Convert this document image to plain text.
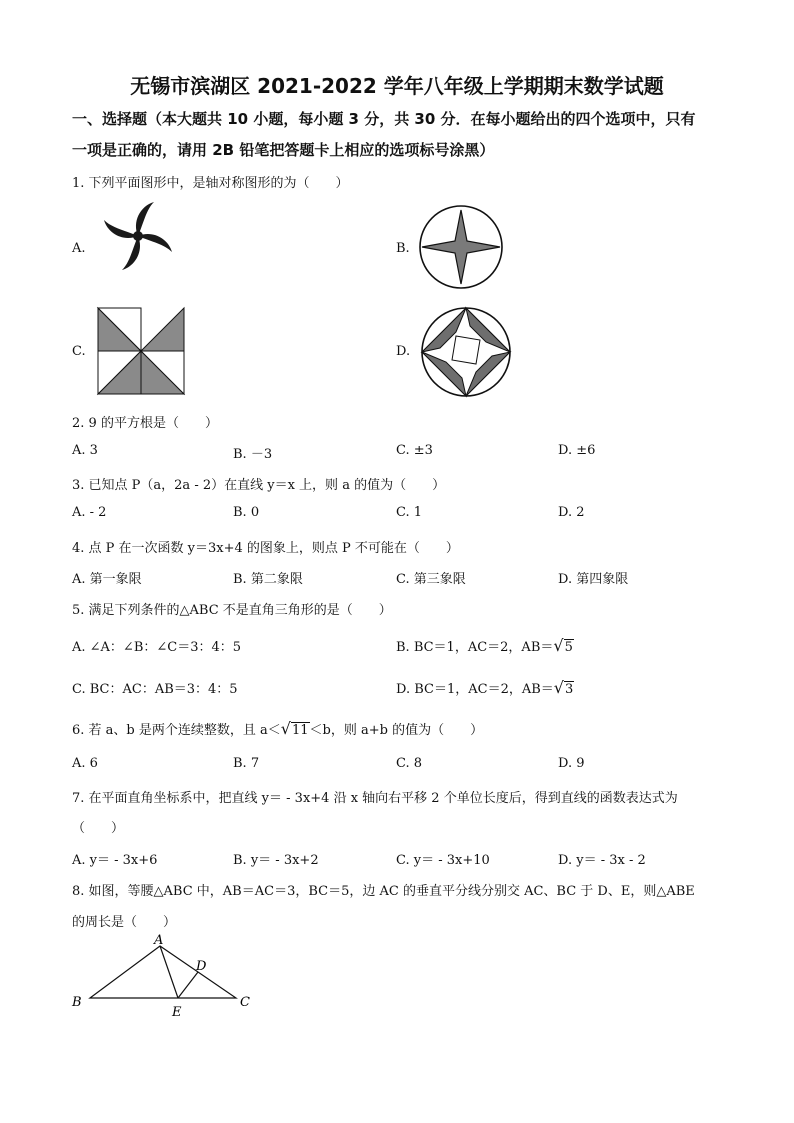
无锡市滨湖区 2021-2022 学年八年级上学期期末数学试题
一、选择题（本大题共 10 小题，每小题 3 分，共 30 分．在每小题给出的四个选项中，只有
一项是正确的，请用 2B 铅笔把答题卡上相应的选项标号涂黑）
1. 下列平面图形中，是轴对称图形的为（　　）
A.	B.
C.	D.
2. 9 的平方根是（　　）
A. 3	B. －3	C. ±3	D. ±6
3. 已知点 P（a，2a - 2）在直线 y＝x 上，则 a 的值为（　　）
A. - 2	B. 0	C. 1	D. 2
4. 点 P 在一次函数 y＝3x+4 的图象上，则点 P 不可能在（　　）
A. 第一象限	B. 第二象限	C. 第三象限	D. 第四象限
5. 满足下列条件的△ABC 不是直角三角形的是（　　）
A. ∠A：∠B：∠C＝3：4：5	B. BC＝1，AC＝2，AB＝√5
C. BC：AC：AB＝3：4：5	D. BC＝1，AC＝2，AB＝√3
6. 若 a、b 是两个连续整数，且 a＜√11＜b，则 a+b 的值为（　　）
A. 6	B. 7	C. 8	D. 9
7. 在平面直角坐标系中，把直线 y＝ - 3x+4 沿 x 轴向右平移 2 个单位长度后，得到直线的函数表达式为
（　　）
A. y＝ - 3x+6	B. y＝ - 3x+2	C. y＝ - 3x+10	D. y＝ - 3x - 2
8. 如图，等腰△ABC 中，AB＝AC＝3，BC＝5，边 AC 的垂直平分线分别交 AC、BC 于 D、E，则△ABE
的周长是（　　）
A
B	C
D
E
